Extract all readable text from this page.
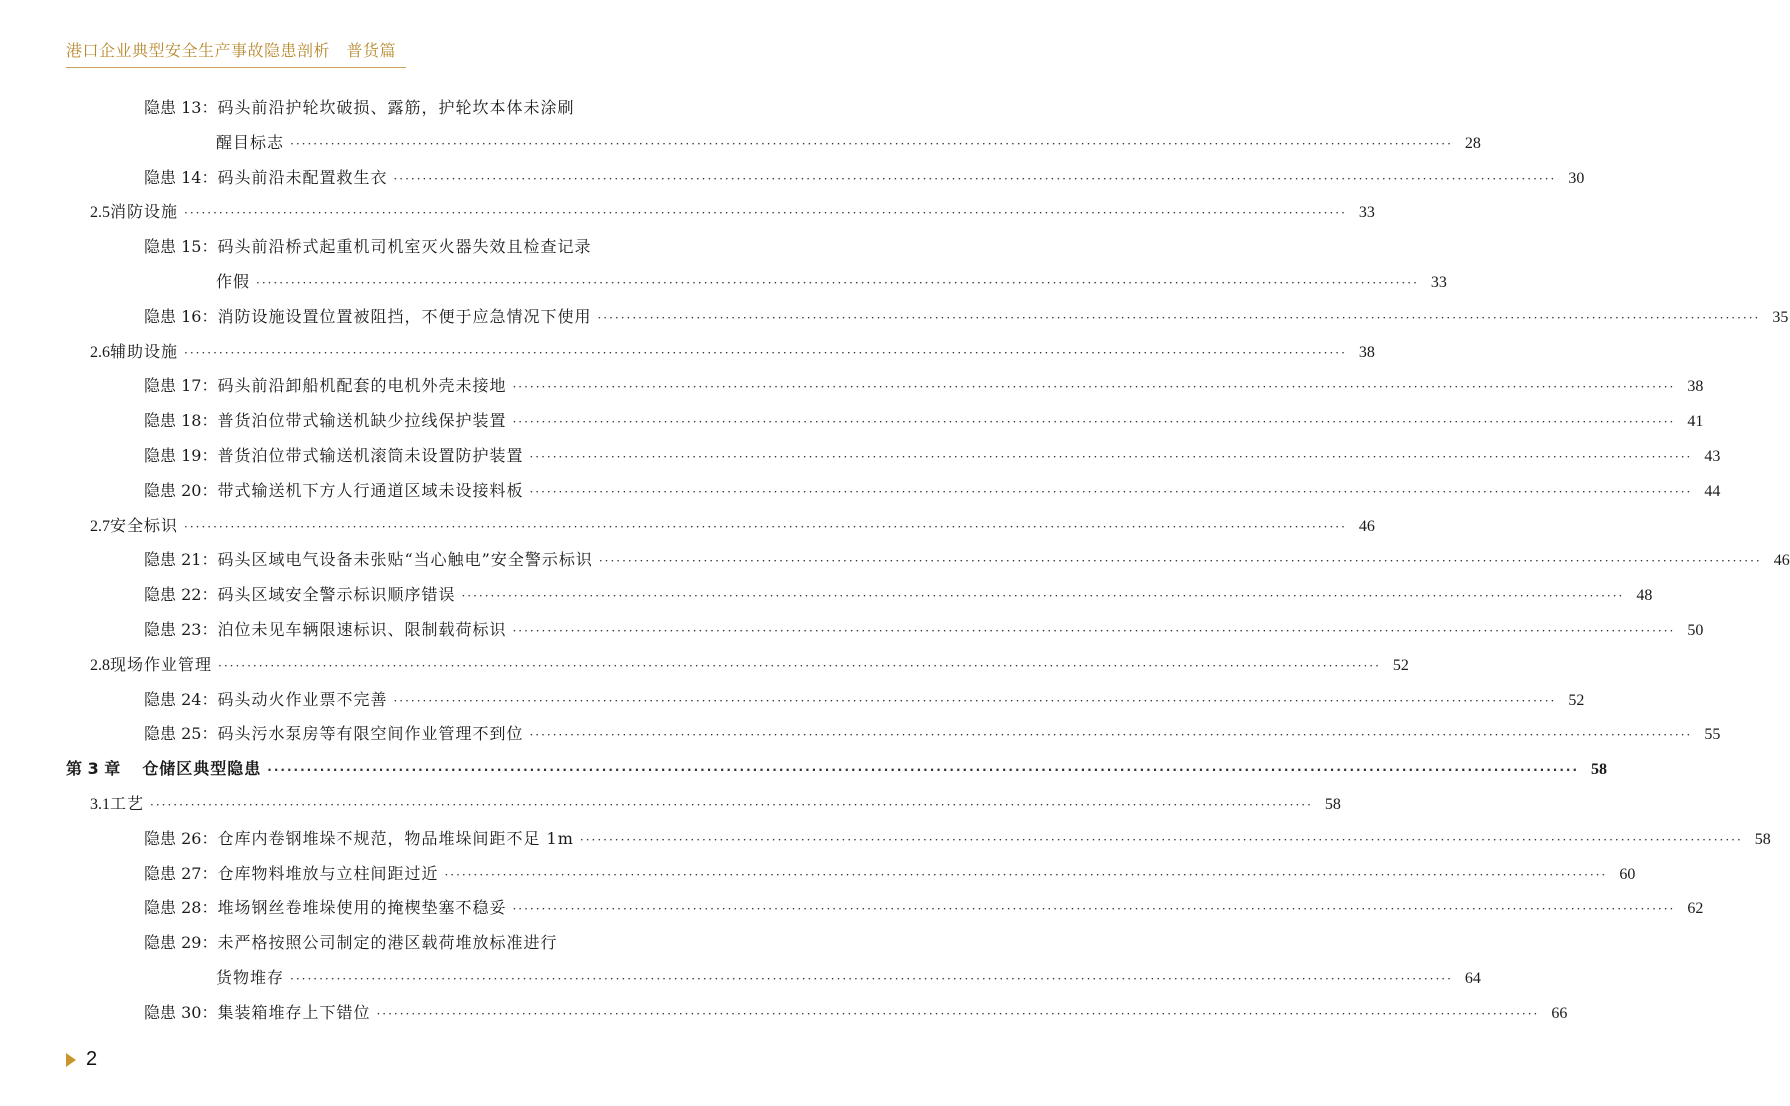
港口企业典型安全生产事故隐患剖析　普货篇
隐患 13： 码头前沿护轮坎破损、露筋，护轮坎本体未涂刷
醒目标志 ········································································································································································································ 28
隐患 14： 码头前沿未配置救生衣 ········································································································································································································ 30
2.5 消防设施 ········································································································································································································ 33
隐患 15： 码头前沿桥式起重机司机室灭火器失效且检查记录
作假 ········································································································································································································ 33
隐患 16： 消防设施设置位置被阻挡，不便于应急情况下使用 ········································································································································································································ 35
2.6 辅助设施 ········································································································································································································ 38
隐患 17： 码头前沿卸船机配套的电机外壳未接地 ········································································································································································································ 38
隐患 18： 普货泊位带式输送机缺少拉线保护装置 ········································································································································································································ 41
隐患 19： 普货泊位带式输送机滚筒未设置防护装置 ········································································································································································································ 43
隐患 20： 带式输送机下方人行通道区域未设接料板 ········································································································································································································ 44
2.7 安全标识 ········································································································································································································ 46
隐患 21： 码头区域电气设备未张贴“当心触电”安全警示标识 ········································································································································································································ 46
隐患 22： 码头区域安全警示标识顺序错误 ········································································································································································································ 48
隐患 23： 泊位未见车辆限速标识、限制载荷标识 ········································································································································································································ 50
2.8 现场作业管理 ········································································································································································································ 52
隐患 24： 码头动火作业票不完善 ········································································································································································································ 52
隐患 25： 码头污水泵房等有限空间作业管理不到位 ········································································································································································································ 55
第 3 章 仓储区典型隐患 ········································································································································································································ 58
3.1 工艺 ········································································································································································································ 58
隐患 26： 仓库内卷钢堆垛不规范，物品堆垛间距不足 1m ········································································································································································································ 58
隐患 27： 仓库物料堆放与立柱间距过近 ········································································································································································································ 60
隐患 28： 堆场钢丝卷堆垛使用的掩楔垫塞不稳妥 ········································································································································································································ 62
隐患 29： 未严格按照公司制定的港区载荷堆放标准进行
货物堆存 ········································································································································································································ 64
隐患 30： 集装箱堆存上下错位 ········································································································································································································ 66
2
